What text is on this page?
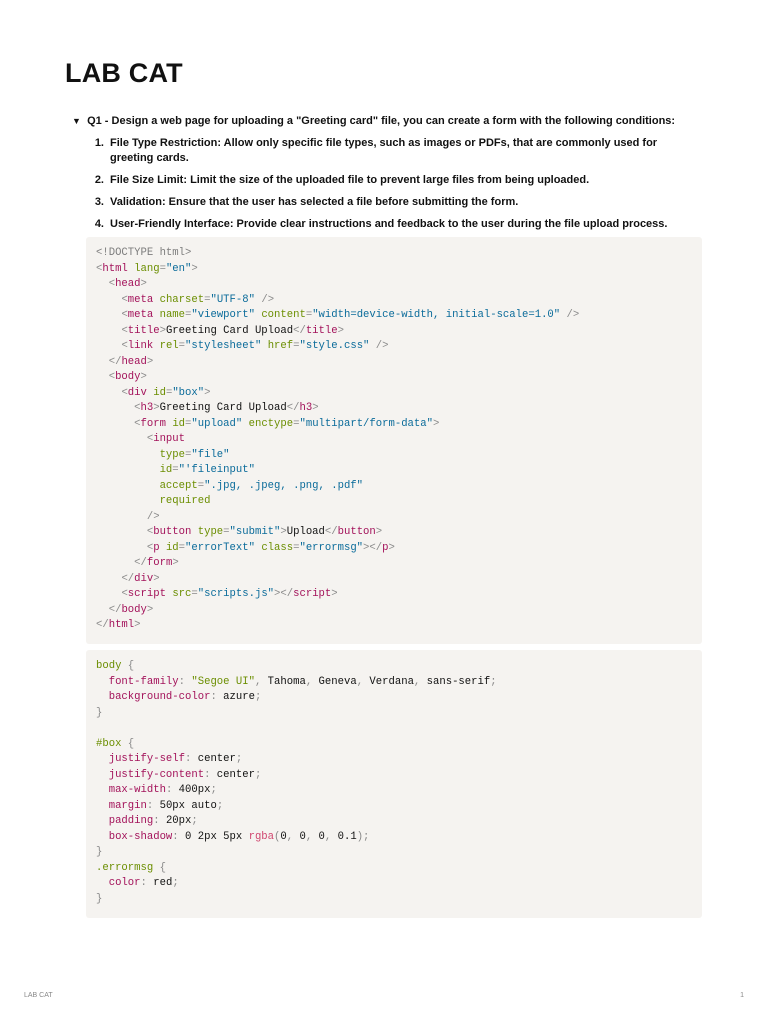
LAB CAT
▼ Q1 - Design a web page for uploading a "Greeting card" file, you can create a form with the following conditions:
1. File Type Restriction: Allow only specific file types, such as images or PDFs, that are commonly used for greeting cards.
2. File Size Limit: Limit the size of the uploaded file to prevent large files from being uploaded.
3. Validation: Ensure that the user has selected a file before submitting the form.
4. User-Friendly Interface: Provide clear instructions and feedback to the user during the file upload process.
<!DOCTYPE html>
<html lang="en">
<head>
<meta charset="UTF-8" />
<meta name="viewport" content="width=device-width, initial-scale=1.0" />
<title>Greeting Card Upload</title>
<link rel="stylesheet" href="style.css" />
</head>
<body>
<div id="box">
<h3>Greeting Card Upload</h3>
<form id="upload" enctype="multipart/form-data">
<input
type="file"
id="'fileinput"
accept=".jpg, .jpeg, .png, .pdf"
required
/>
<button type="submit">Upload</button>
<p id="errorText" class="errormsg"></p>
</form>
</div>
<script src="scripts.js"></script>
</body>
</html>
body {
font-family: "Segoe UI", Tahoma, Geneva, Verdana, sans-serif;
background-color: azure;
}

#box {
justify-self: center;
justify-content: center;
max-width: 400px;
margin: 50px auto;
padding: 20px;
box-shadow: 0 2px 5px rgba(0, 0, 0, 0.1);
}
.errormsg {
color: red;
}
LAB CAT	1
